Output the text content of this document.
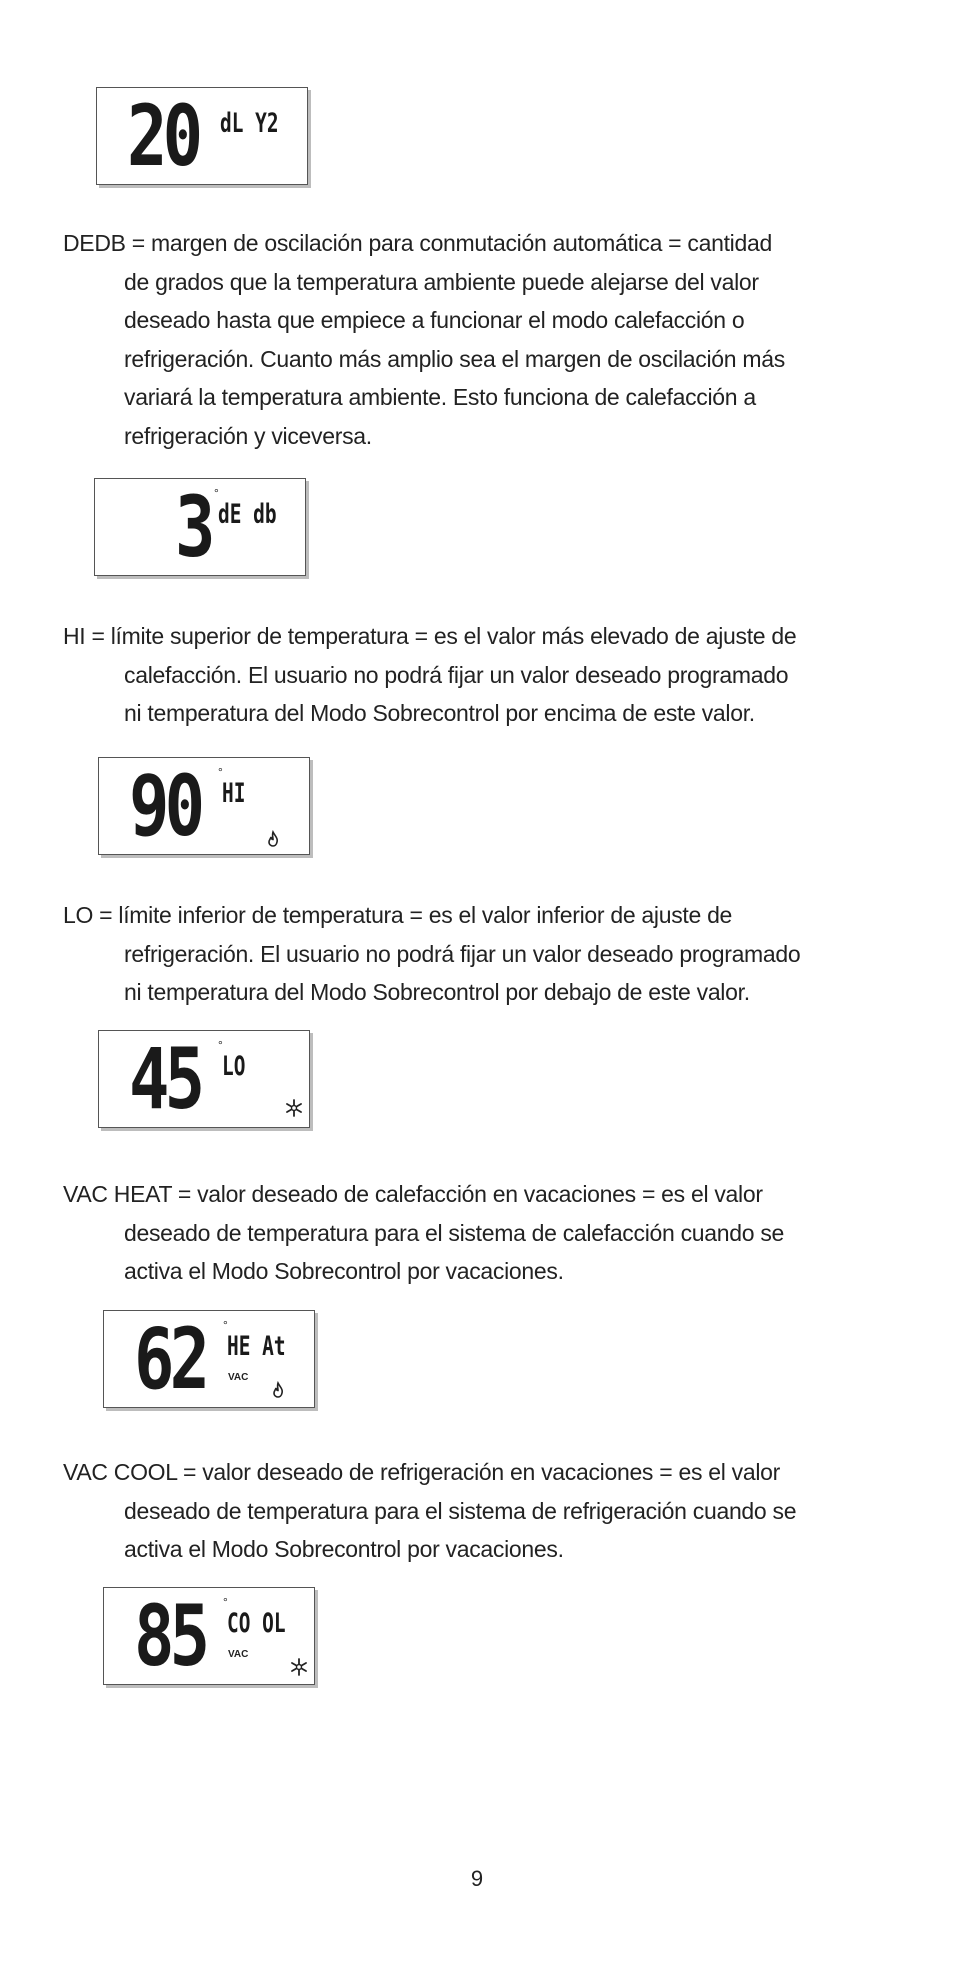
20 dL Y2
DEDB = margen de oscilación para conmutación automática = cantidad
de grados que la temperatura ambiente puede alejarse del valor
deseado hasta que empiece a funcionar el modo calefacción o
refrigeración. Cuanto más amplio sea el margen de oscilación más
variará la temperatura ambiente. Esto funciona de calefacción a
refrigeración y viceversa.
3 °
dE db
HI = límite superior de temperatura = es el valor más elevado de ajuste de
calefacción. El usuario no podrá fijar un valor deseado programado
ni temperatura del Modo Sobrecontrol por encima de este valor.
90 °
HI
LO = límite inferior de temperatura = es el valor inferior de ajuste de
refrigeración. El usuario no podrá fijar un valor deseado programado
ni temperatura del Modo Sobrecontrol por debajo de este valor.
45 °
LO
VAC HEAT = valor deseado de calefacción en vacaciones = es el valor
deseado de temperatura para el sistema de calefacción cuando se
activa el Modo Sobrecontrol por vacaciones.
62 °
HE At
VAC
VAC COOL = valor deseado de refrigeración en vacaciones = es el valor
deseado de temperatura para el sistema de refrigeración cuando se
activa el Modo Sobrecontrol por vacaciones.
85 °
CO OL
VAC
9
